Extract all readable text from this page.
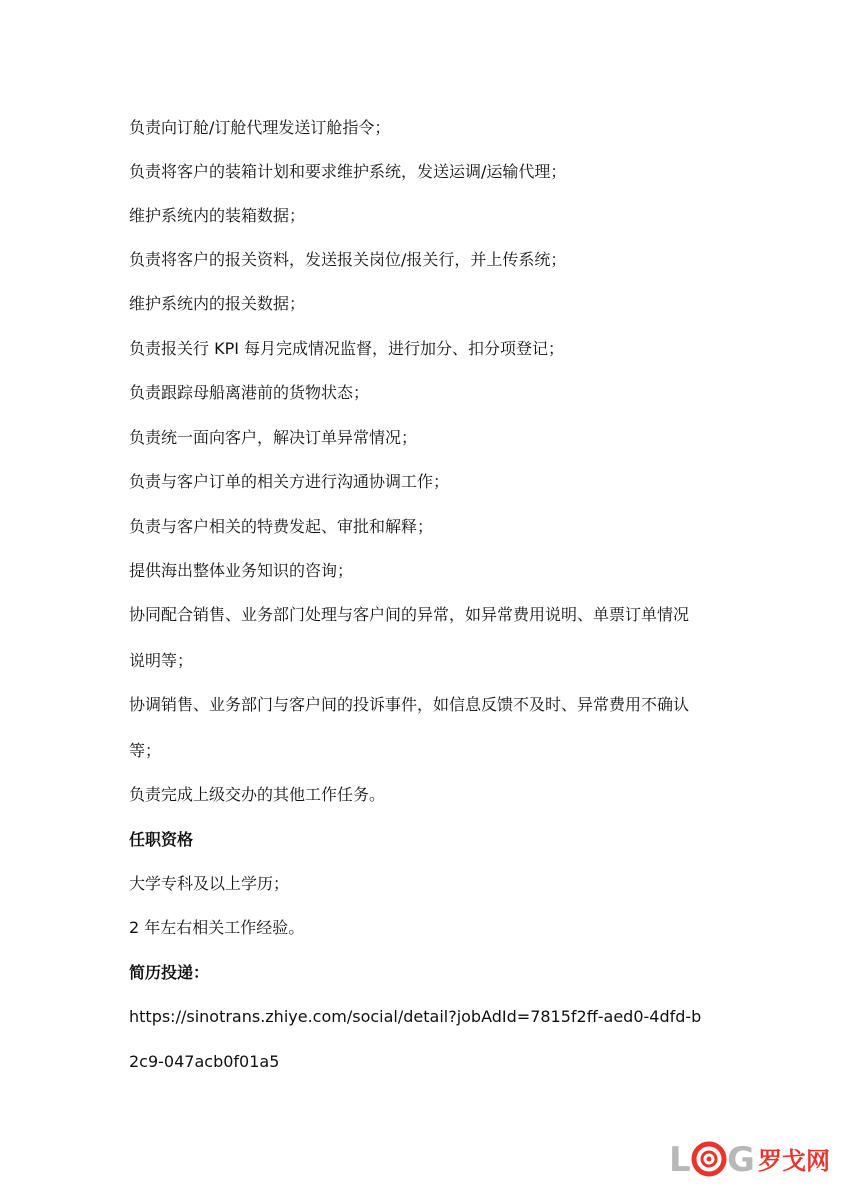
负责向订舱/订舱代理发送订舱指令；
负责将客户的装箱计划和要求维护系统，发送运调/运输代理；
维护系统内的装箱数据；
负责将客户的报关资料，发送报关岗位/报关行，并上传系统；
维护系统内的报关数据；
负责报关行 KPI 每月完成情况监督，进行加分、扣分项登记；
负责跟踪母船离港前的货物状态；
负责统一面向客户，解决订单异常情况；
负责与客户订单的相关方进行沟通协调工作；
负责与客户相关的特费发起、审批和解释；
提供海出整体业务知识的咨询；
协同配合销售、业务部门处理与客户间的异常，如异常费用说明、单票订单情况
说明等；
协调销售、业务部门与客户间的投诉事件，如信息反馈不及时、异常费用不确认
等；
负责完成上级交办的其他工作任务。
任职资格
大学专科及以上学历；
2 年左右相关工作经验。
简历投递：
https://sinotrans.zhiye.com/social/detail?jobAdId=7815f2ff-aed0-4dfd-b
2c9-047acb0f01a5
L G 罗戈网
